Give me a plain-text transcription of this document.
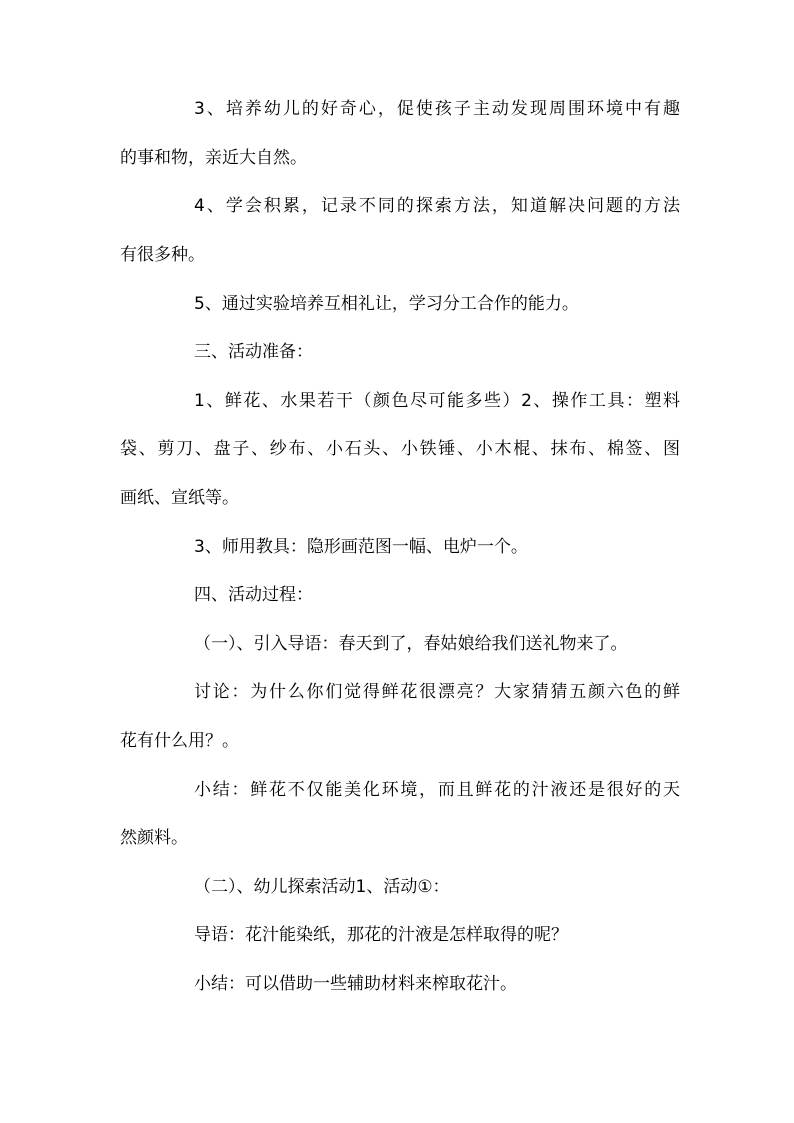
3、培养幼儿的好奇心，促使孩子主动发现周围环境中有趣
的事和物，亲近大自然。
4、学会积累，记录不同的探索方法，知道解决问题的方法
有很多种。
5、通过实验培养互相礼让，学习分工合作的能力。
三、活动准备：
1、鲜花、水果若干（颜色尽可能多些）2、操作工具：塑料
袋、剪刀、盘子、纱布、小石头、小铁锤、小木棍、抹布、棉签、图
画纸、宣纸等。
3、师用教具：隐形画范图一幅、电炉一个。
四、活动过程：
（一）、引入导语：春天到了，春姑娘给我们送礼物来了。
讨论：为什么你们觉得鲜花很漂亮？大家猜猜五颜六色的鲜
花有什么用？。
小结：鲜花不仅能美化环境，而且鲜花的汁液还是很好的天
然颜料。
（二）、幼儿探索活动1、活动①：
导语：花汁能染纸，那花的汁液是怎样取得的呢？
小结：可以借助一些辅助材料来榨取花汁。
